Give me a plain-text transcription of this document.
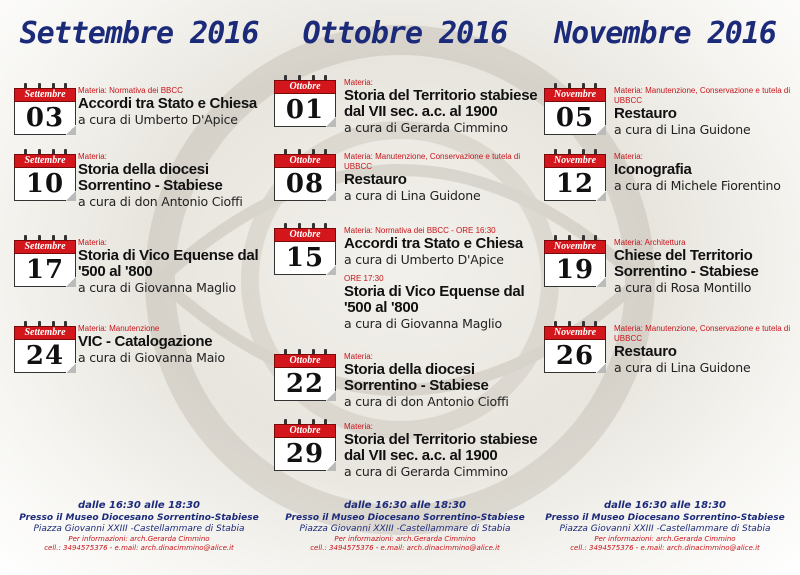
Settembre 2016
Settembre
03
Materia: Normativa dei BBCC
Accordi tra Stato e Chiesa
a cura di Umberto D'Apice
Settembre
10
Materia:
Storia della diocesi Sorrentino - Stabiese
a cura di don Antonio Cioffi
Settembre
17
Materia:
Storia di Vico Equense dal '500 al '800
a cura di Giovanna Maglio
Settembre
24
Materia: Manutenzione
VIC - Catalogazione
a cura di Giovanna Maio
dalle 16:30 alle 18:30
Presso il Museo Diocesano Sorrentino-Stabiese
Piazza Giovanni XXIII -Castellammare di Stabia
Per informazioni: arch.Gerarda Cimmino
cell.: 3494575376 - e.mail: arch.dinacimmino@alice.it
Ottobre 2016
Ottobre
01
Materia:
Storia del Territorio stabiese dal VII sec. a.c. al 1900
a cura di Gerarda Cimmino
Ottobre
08
Materia: Manutenzione, Conservazione e tutela di UBBCC
Restauro
a cura di Lina Guidone
Ottobre
15
Materia: Normativa dei BBCC - ORE 16:30
Accordi tra Stato e Chiesa
a cura di Umberto D'Apice
ORE 17:30
Storia di Vico Equense dal '500 al '800
a cura di Giovanna Maglio
Ottobre
22
Materia:
Storia della diocesi Sorrentino - Stabiese
a cura di don Antonio Cioffi
Ottobre
29
Materia:
Storia del Territorio stabiese dal VII sec. a.c. al 1900
a cura di Gerarda Cimmino
dalle 16:30 alle 18:30
Presso il Museo Diocesano Sorrentino-Stabiese
Piazza Giovanni XXIII -Castellammare di Stabia
Per informazioni: arch.Gerarda Cimmino
cell.: 3494575376 - e.mail: arch.dinacimmino@alice.it
Novembre 2016
Novembre
05
Materia: Manutenzione, Conservazione e tutela di UBBCC
Restauro
a cura di Lina Guidone
Novembre
12
Materia:
Iconografia
a cura di Michele Fiorentino
Novembre
19
Materia: Architettura
Chiese del Territorio Sorrentino - Stabiese
a cura di Rosa Montillo
Novembre
26
Materia: Manutenzione, Conservazione e tutela di UBBCC
Restauro
a cura di Lina Guidone
dalle 16:30 alle 18:30
Presso il Museo Diocesano Sorrentino-Stabiese
Piazza Giovanni XXIII -Castellammare di Stabia
Per informazioni: arch.Gerarda Cimmino
cell.: 3494575376 - e.mail: arch.dinacimmino@alice.it
